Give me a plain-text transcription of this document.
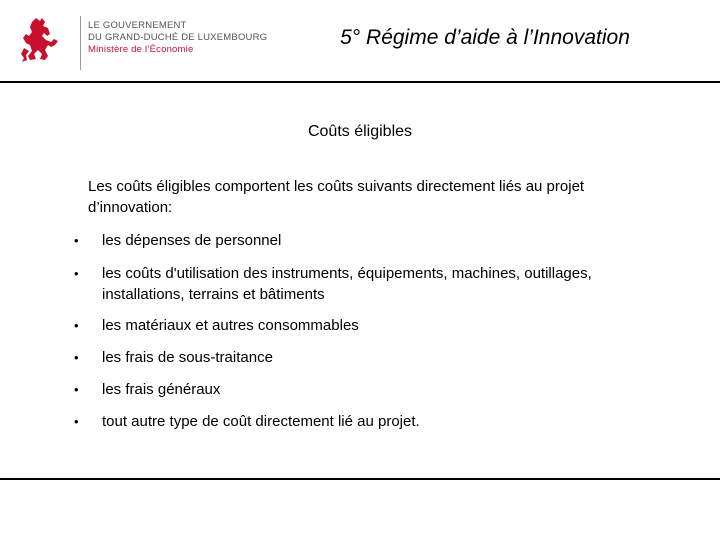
LE GOUVERNEMENT
DU GRAND-DUCHÉ DE LUXEMBOURG
Ministère de l’Économie
5° Régime d’aide à l’Innovation
Coûts éligibles
Les coûts éligibles comportent les coûts suivants directement liés au projet d’innovation:
•	les dépenses de personnel
•	les coûts d'utilisation des instruments, équipements, machines, outillages, installations, terrains et bâtiments
•	les matériaux et autres consommables
•	les frais de sous-traitance
•	les frais généraux
•	tout autre type de coût directement lié au projet.
